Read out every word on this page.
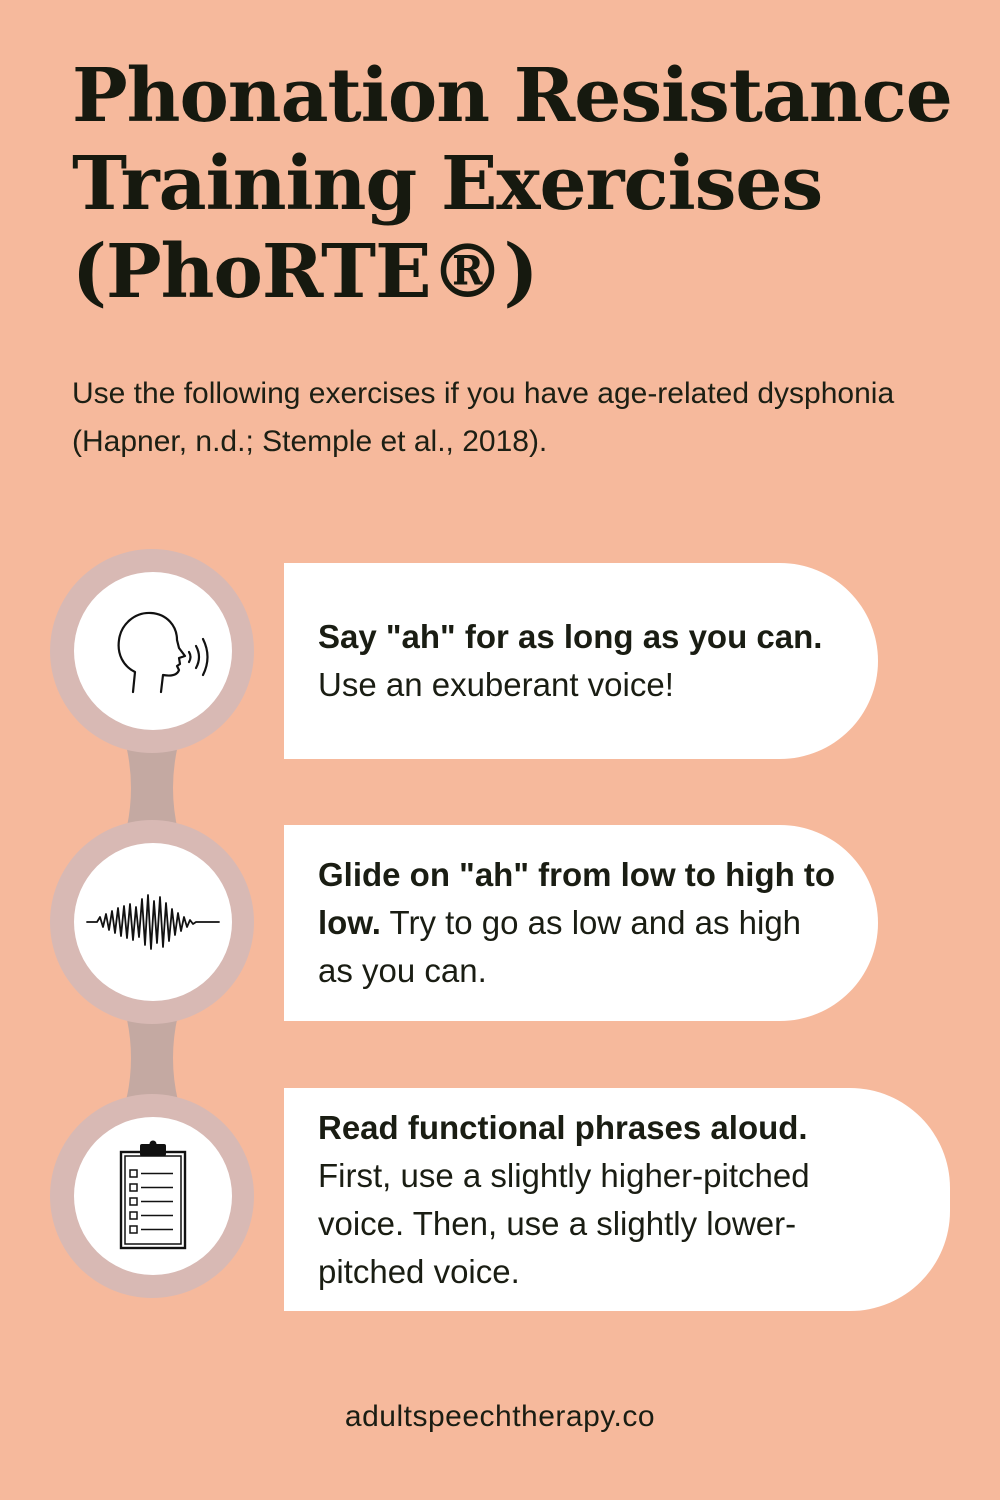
Phonation Resistance
Training Exercises
(PhoRTE®)

Use the following exercises if you have age-related dysphonia (Hapner, n.d.; Stemple et al., 2018).

Say "ah" for as long as you can.
Use an exuberant voice!

Glide on "ah" from low to high to low. Try to go as low and as high as you can.

Read functional phrases aloud. First, use a slightly higher-pitched voice. Then, use a slightly lower-pitched voice.

adultspeechtherapy.co
